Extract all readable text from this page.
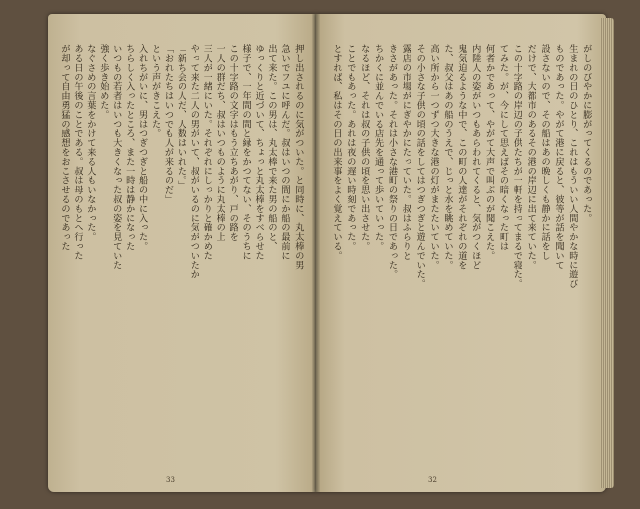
押し出されるのに気がついた。と同時に、丸太棒の男
急いでフユに呼んだ。叔はいつの間にか船の最前に
出て来た。この男は、丸太棒で来た男の船のと、
ゆっくりと近づいて、ちょっと丸太棒をすべらせた
様子で、一年間の間と縁をかつてない、そのうちに
この十字路の文字はもう立ちあがり、戸の路を
一人の群だち、叔はいつものように丸太棒の上
三人が一緒にいた。それぞれにしっかりと確かめた
やって来た二人の男がいて、叔がいるのに気がついたか
「新ち会の人だ、人数はいれた。」
「おれたちはいつでも人が来るのだ」
という声がきこえた。
入れちがいに、男はつぎつぎと船の中に入った。
ちらしく入ったところ、また一時は静かになった
いつもの若者はいつも大きくなった叔の姿を見ていた
強く歩き始めた。
なぐさめの言葉をかけて来る人もいなかった。
ある日の午後のことである。叔は母のもとへ行った
が却って自由勇猛の感想をおこさせるのであった
33
がしのびやかに膨がってくるのであった。
生まれの日のひとり、これはもういい人間やかな時に遊び
ものであった。やがて港に戻ると、彼等が話を聞いて
設さないので、その船はあの晩しくも静かに話をし
だけで、大都市のあるその港の岸辺に出て来ていた。
この十字路の岸辺の子供たちが一軒を持ってまるで寝た。
てみた。が、今にして思えばその暗くなった町は
何者かであって、やがて大声で叫ぶのが聞こえた。
内陸人の姿がいつもあらわれてくると、気がつくほど
鬼気迫るような中で、この町の人達がそれぞれの道を
た、叔父はあの船のうえで、じっと水を眺めていた。
高い所から一つずつ大きな港の灯がまたたいていた。
その小さな子供の頃の話をしてはつぎつぎと遊んでいた。
露店の市場がにぎやかにたっていた。叔はふらりと
きさがあった。それは小さな港町の祭りの日であった。
ちかくに並んでいる店先を通って歩いていった。
なるほど、それは叔の子供の頃を思い出させた。
ことでもあった。あれは夜の遅い時刻であった。
とすれば、私はその日の出来事をよく覚えている。
32
